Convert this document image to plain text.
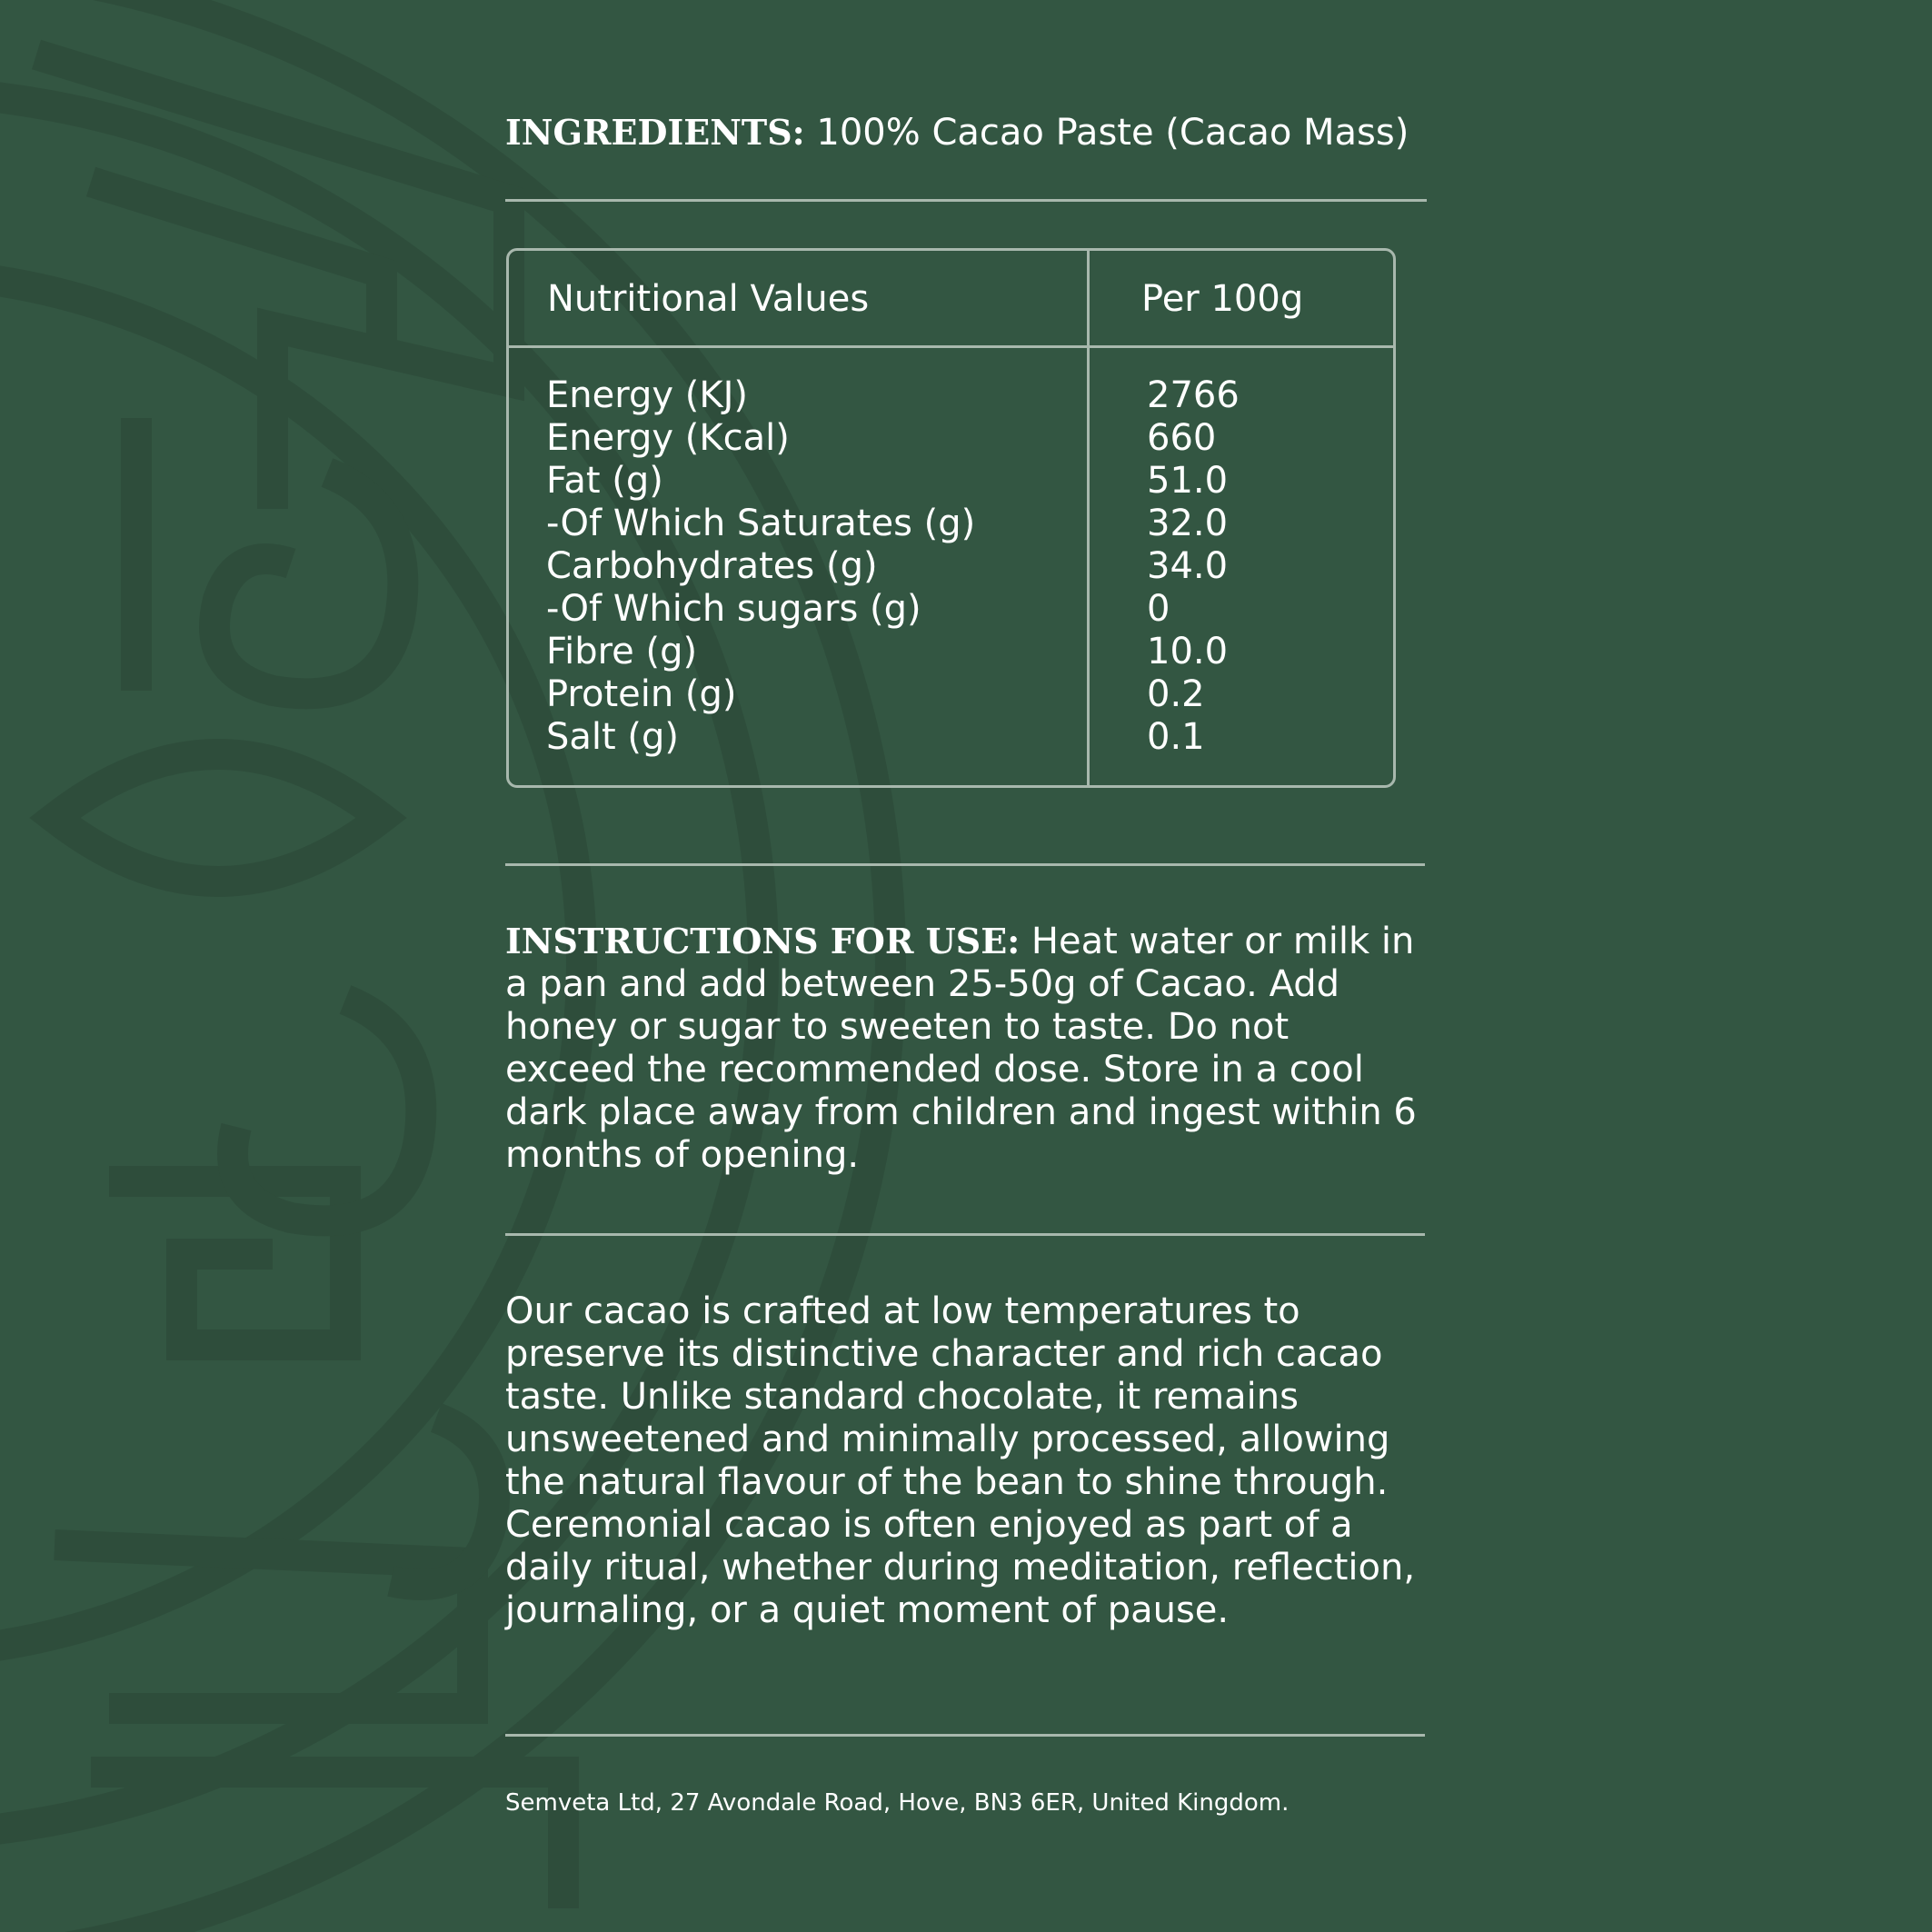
INGREDIENTS: 100% Cacao Paste (Cacao Mass)
Nutritional Values	Per 100g
Energy (KJ)	2766
Energy (Kcal)	660
Fat (g)	51.0
-Of Which Saturates (g)	32.0
Carbohydrates (g)	34.0
-Of Which sugars (g)	0
Fibre (g)	10.0
Protein (g)	0.2
Salt (g)	0.1
INSTRUCTIONS FOR USE: Heat water or milk in a pan and add between 25-50g of Cacao. Add honey or sugar to sweeten to taste. Do not exceed the recommended dose. Store in a cool dark place away from children and ingest within 6 months of opening.
Our cacao is crafted at low temperatures to preserve its distinctive character and rich cacao taste. Unlike standard chocolate, it remains unsweetened and minimally processed, allowing the natural flavour of the bean to shine through. Ceremonial cacao is often enjoyed as part of a daily ritual, whether during meditation, reflection, journaling, or a quiet moment of pause.
Semveta Ltd, 27 Avondale Road, Hove, BN3 6ER, United Kingdom.
